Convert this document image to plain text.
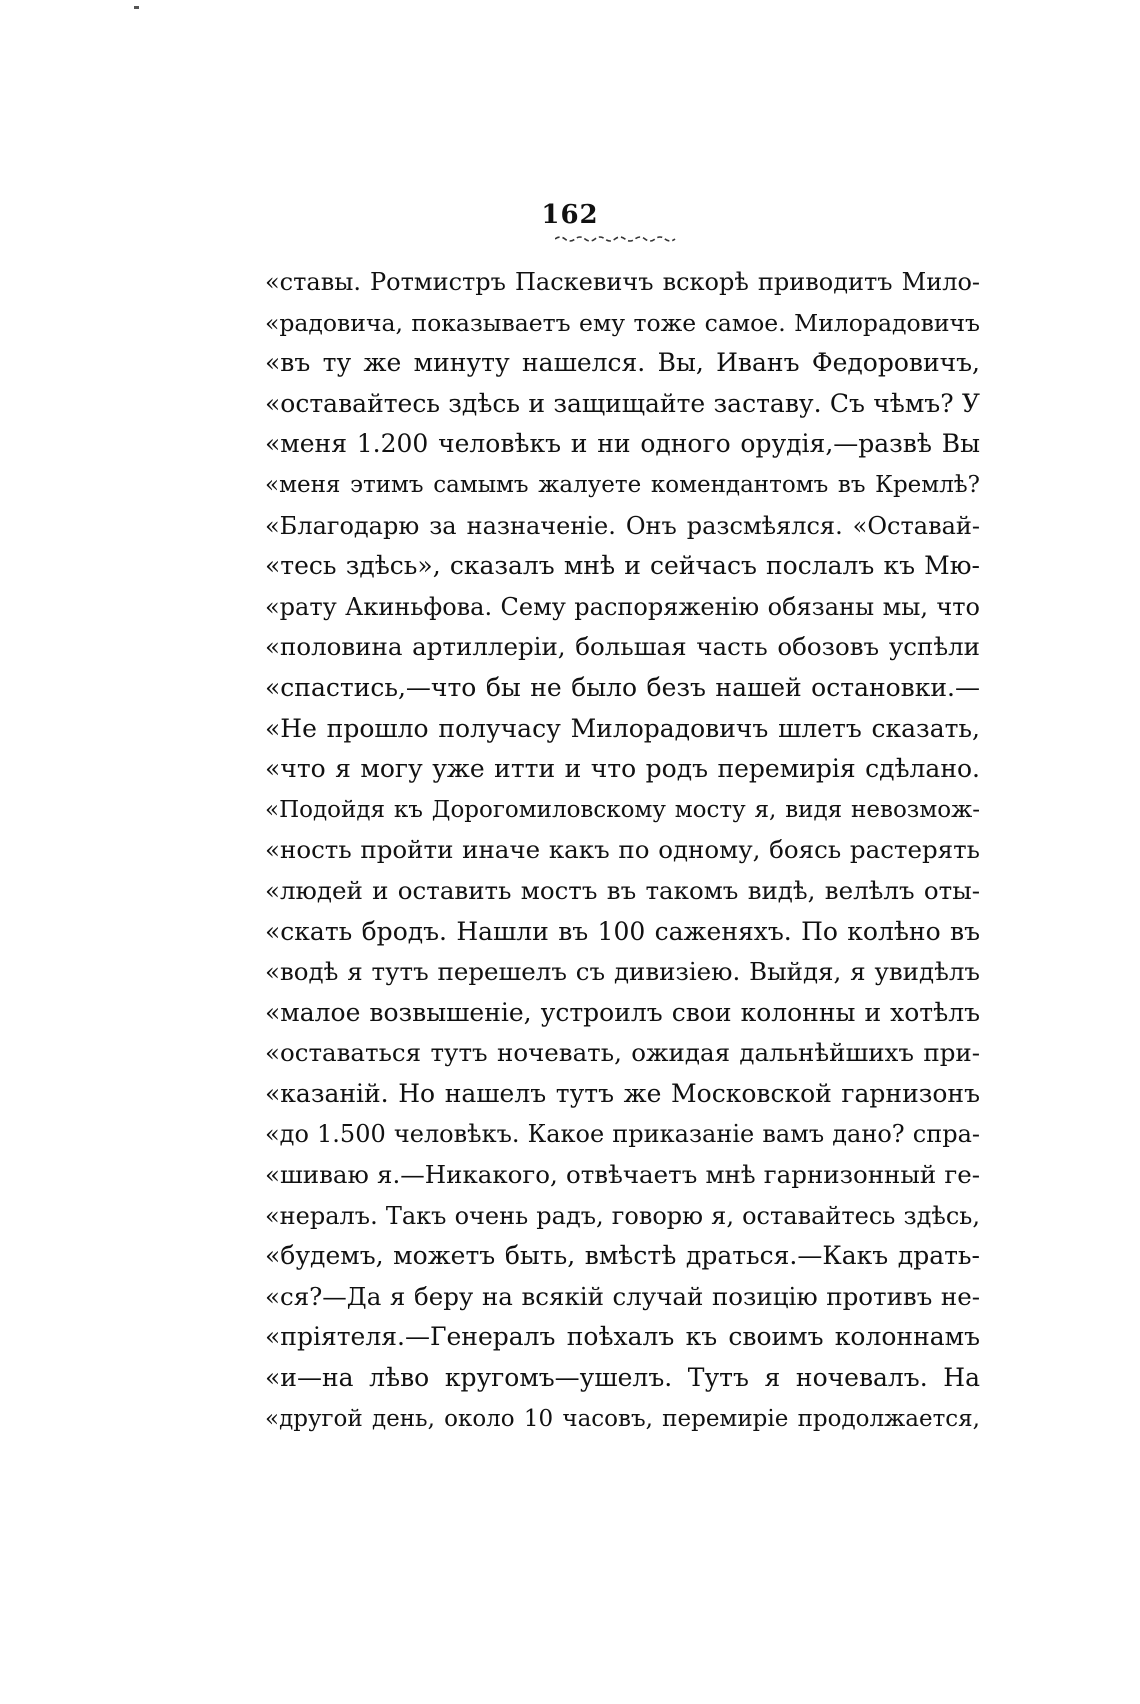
162
«ставы. Ротмистръ Паскевичъ вскорѣ приводитъ Мило-
«радовича, показываетъ ему тоже самое. Милорадовичъ
«въ ту же минуту нашелся. Вы, Иванъ Федоровичъ,
«оставайтесь здѣсь и защищайте заставу. Съ чѣмъ? У
«меня 1.200 человѣкъ и ни одного орудія,—развѣ Вы
«меня этимъ самымъ жалуете комендантомъ въ Кремлѣ?
«Благодарю за назначеніе. Онъ разсмѣялся. «Оставай-
«тесь здѣсь», сказалъ мнѣ и сейчасъ послалъ къ Мю-
«рату Акиньфова. Сему распоряженію обязаны мы, что
«половина артиллеріи, большая часть обозовъ успѣли
«спастись,—что бы не было безъ нашей остановки.—
«Не прошло получасу Милорадовичъ шлетъ сказать,
«что я могу уже итти и что родъ перемирія сдѣлано.
«Подойдя къ Дорогомиловскому мосту я, видя невозмож-
«ность пройти иначе какъ по одному, боясь растерять
«людей и оставить мостъ въ такомъ видѣ, велѣлъ оты-
«скать бродъ. Нашли въ 100 саженяхъ. По колѣно въ
«водѣ я тутъ перешелъ съ дивизіею. Выйдя, я увидѣлъ
«малое возвышеніе, устроилъ свои колонны и хотѣлъ
«оставаться тутъ ночевать, ожидая дальнѣйшихъ при-
«казаній. Но нашелъ тутъ же Московской гарнизонъ
«до 1.500 человѣкъ. Какое приказаніе вамъ дано? спра-
«шиваю я.—Никакого, отвѣчаетъ мнѣ гарнизонный ге-
«нералъ. Такъ очень радъ, говорю я, оставайтесь здѣсь,
«будемъ, можетъ быть, вмѣстѣ драться.—Какъ драть-
«ся?—Да я беру на всякій случай позицію противъ не-
«пріятеля.—Генералъ поѣхалъ къ своимъ колоннамъ
«и—на лѣво кругомъ—ушелъ. Тутъ я ночевалъ. На
«другой день, около 10 часовъ, перемиріе продолжается,
